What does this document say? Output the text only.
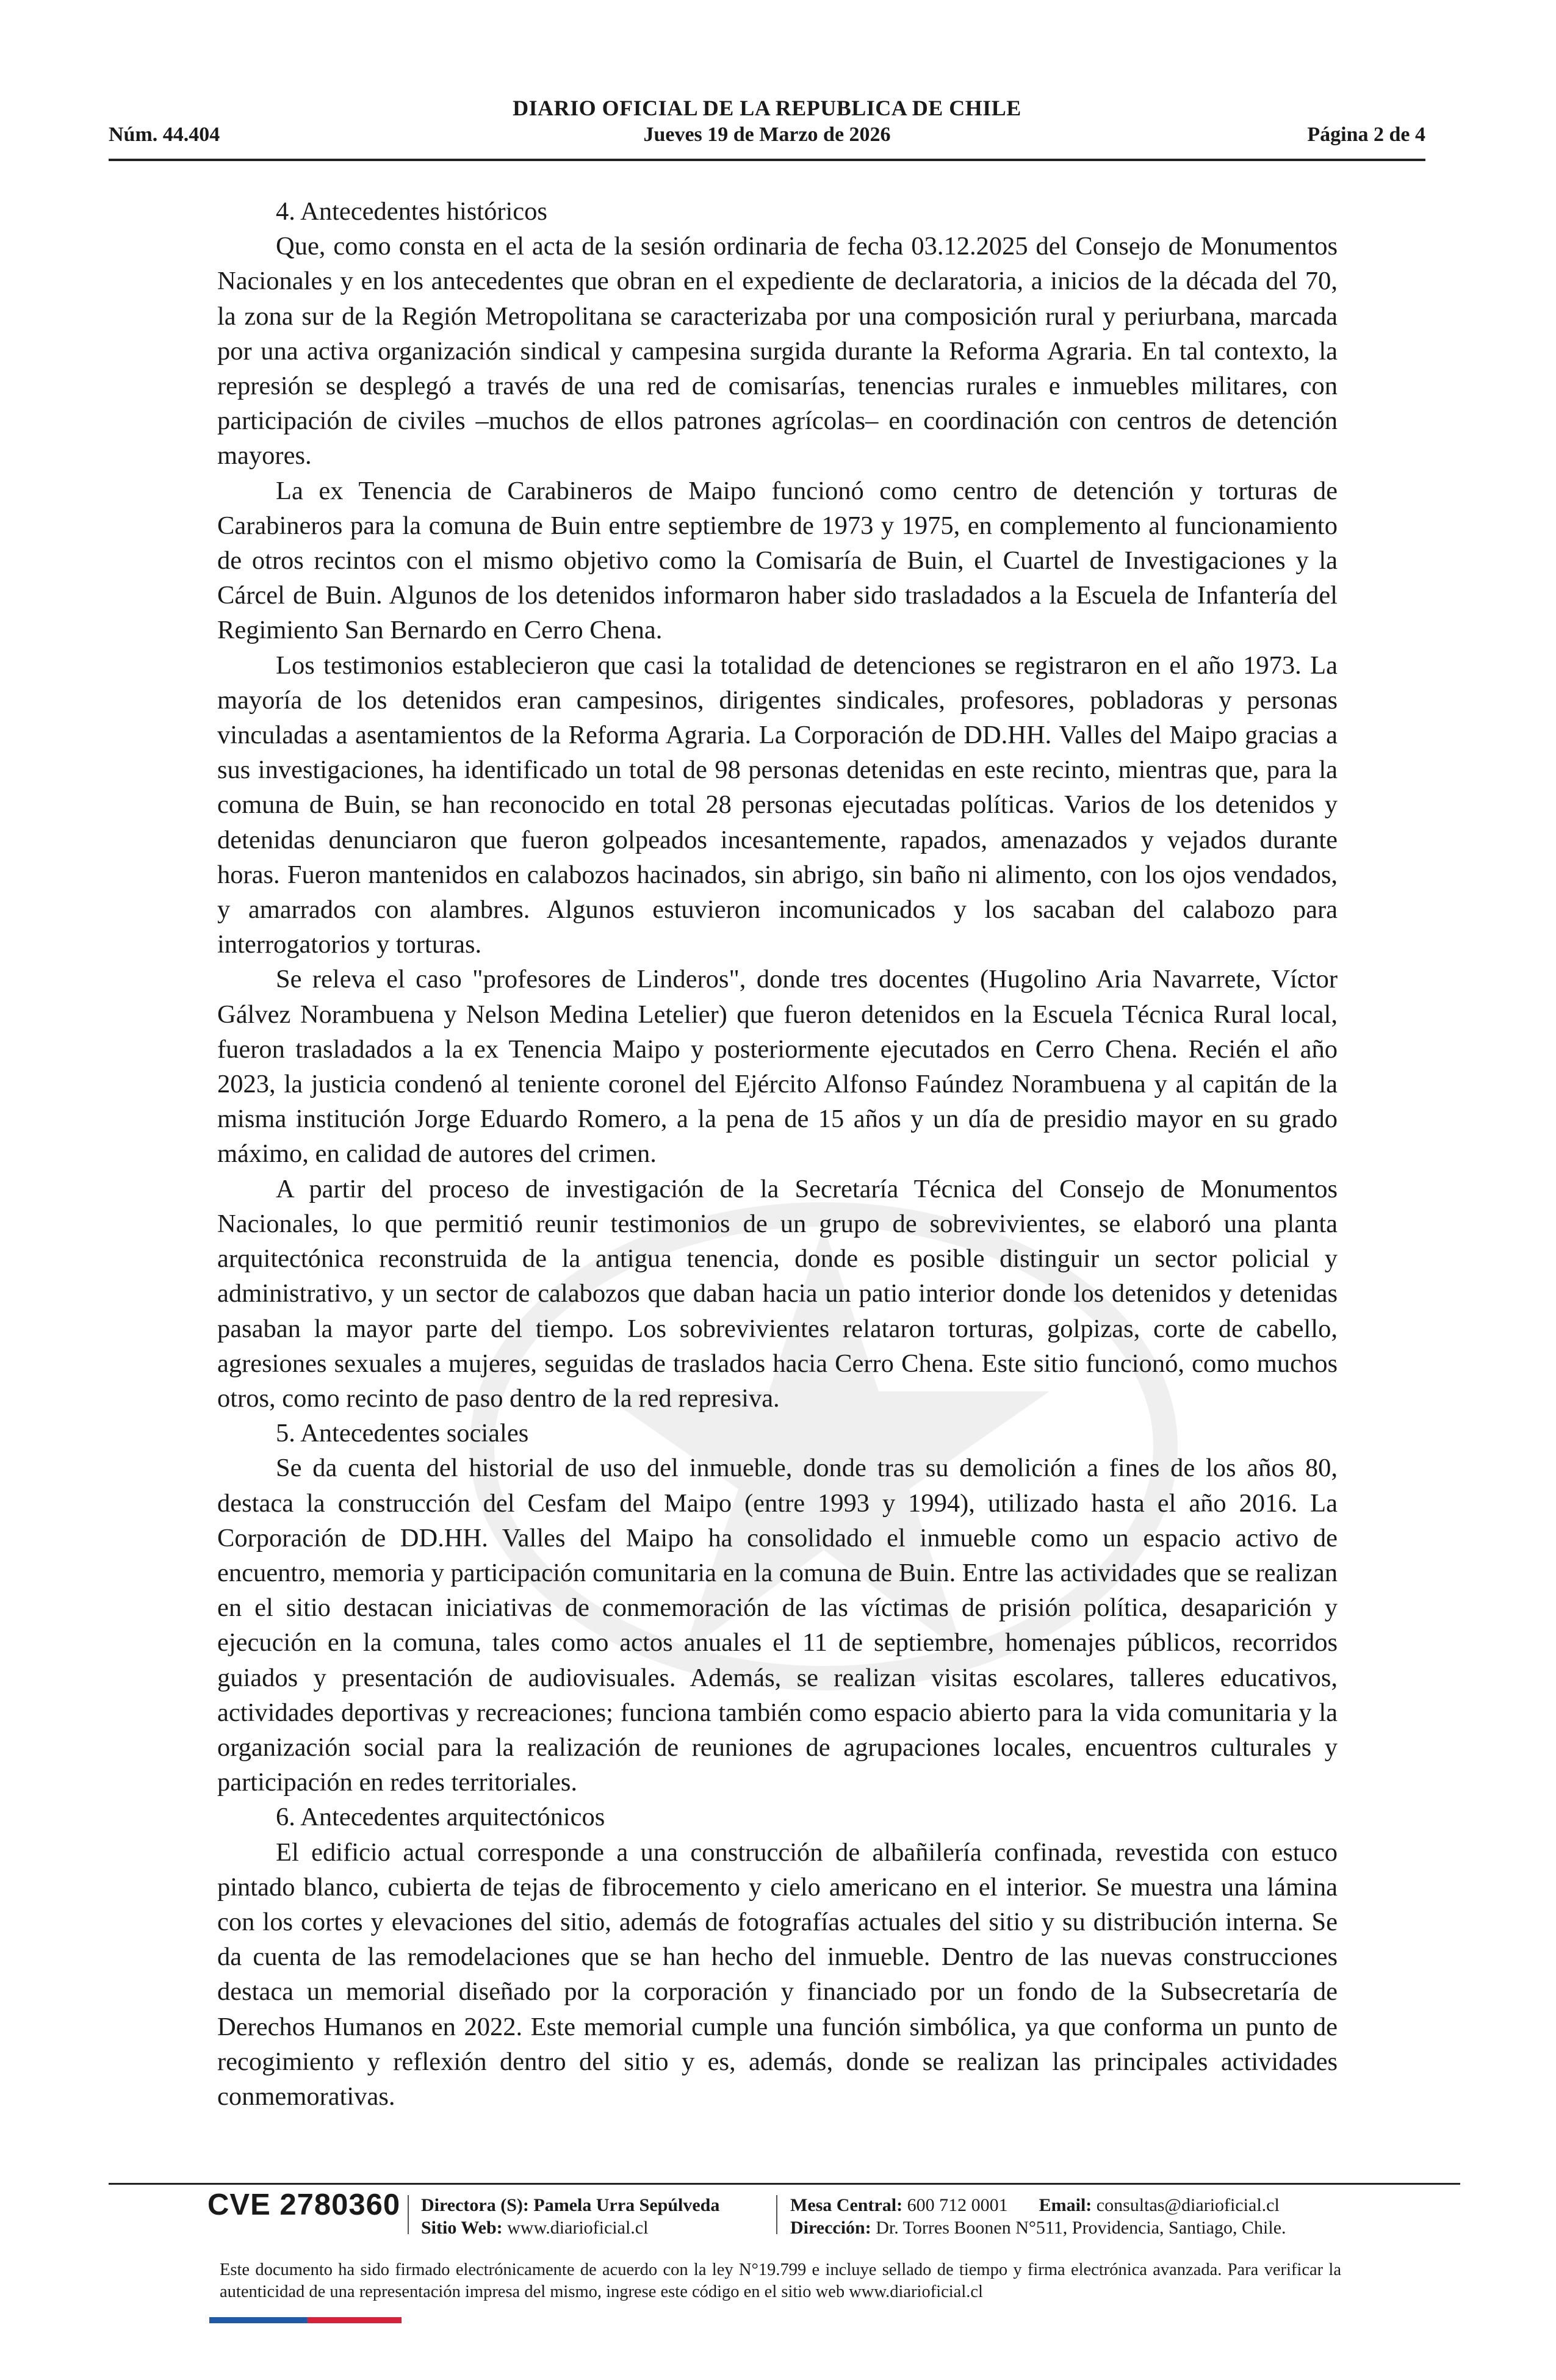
DIARIO OFICIAL DE LA REPUBLICA DE CHILE
Núm. 44.404	Jueves 19 de Marzo de 2026	Página 2 de 4

4. Antecedentes históricos

Que, como consta en el acta de la sesión ordinaria de fecha 03.12.2025 del Consejo de Monumentos Nacionales y en los antecedentes que obran en el expediente de declaratoria, a inicios de la década del 70, la zona sur de la Región Metropolitana se caracterizaba por una composición rural y periurbana, marcada por una activa organización sindical y campesina surgida durante la Reforma Agraria. En tal contexto, la represión se desplegó a través de una red de comisarías, tenencias rurales e inmuebles militares, con participación de civiles –muchos de ellos patrones agrícolas– en coordinación con centros de detención mayores.

La ex Tenencia de Carabineros de Maipo funcionó como centro de detención y torturas de Carabineros para la comuna de Buin entre septiembre de 1973 y 1975, en complemento al funcionamiento de otros recintos con el mismo objetivo como la Comisaría de Buin, el Cuartel de Investigaciones y la Cárcel de Buin. Algunos de los detenidos informaron haber sido trasladados a la Escuela de Infantería del Regimiento San Bernardo en Cerro Chena.

Los testimonios establecieron que casi la totalidad de detenciones se registraron en el año 1973. La mayoría de los detenidos eran campesinos, dirigentes sindicales, profesores, pobladoras y personas vinculadas a asentamientos de la Reforma Agraria. La Corporación de DD.HH. Valles del Maipo gracias a sus investigaciones, ha identificado un total de 98 personas detenidas en este recinto, mientras que, para la comuna de Buin, se han reconocido en total 28 personas ejecutadas políticas. Varios de los detenidos y detenidas denunciaron que fueron golpeados incesantemente, rapados, amenazados y vejados durante horas. Fueron mantenidos en calabozos hacinados, sin abrigo, sin baño ni alimento, con los ojos vendados, y amarrados con alambres. Algunos estuvieron incomunicados y los sacaban del calabozo para interrogatorios y torturas.

Se releva el caso "profesores de Linderos", donde tres docentes (Hugolino Aria Navarrete, Víctor Gálvez Norambuena y Nelson Medina Letelier) que fueron detenidos en la Escuela Técnica Rural local, fueron trasladados a la ex Tenencia Maipo y posteriormente ejecutados en Cerro Chena. Recién el año 2023, la justicia condenó al teniente coronel del Ejército Alfonso Faúndez Norambuena y al capitán de la misma institución Jorge Eduardo Romero, a la pena de 15 años y un día de presidio mayor en su grado máximo, en calidad de autores del crimen.

A partir del proceso de investigación de la Secretaría Técnica del Consejo de Monumentos Nacionales, lo que permitió reunir testimonios de un grupo de sobrevivientes, se elaboró una planta arquitectónica reconstruida de la antigua tenencia, donde es posible distinguir un sector policial y administrativo, y un sector de calabozos que daban hacia un patio interior donde los detenidos y detenidas pasaban la mayor parte del tiempo. Los sobrevivientes relataron torturas, golpizas, corte de cabello, agresiones sexuales a mujeres, seguidas de traslados hacia Cerro Chena. Este sitio funcionó, como muchos otros, como recinto de paso dentro de la red represiva.

5. Antecedentes sociales

Se da cuenta del historial de uso del inmueble, donde tras su demolición a fines de los años 80, destaca la construcción del Cesfam del Maipo (entre 1993 y 1994), utilizado hasta el año 2016. La Corporación de DD.HH. Valles del Maipo ha consolidado el inmueble como un espacio activo de encuentro, memoria y participación comunitaria en la comuna de Buin. Entre las actividades que se realizan en el sitio destacan iniciativas de conmemoración de las víctimas de prisión política, desaparición y ejecución en la comuna, tales como actos anuales el 11 de septiembre, homenajes públicos, recorridos guiados y presentación de audiovisuales. Además, se realizan visitas escolares, talleres educativos, actividades deportivas y recreaciones; funciona también como espacio abierto para la vida comunitaria y la organización social para la realización de reuniones de agrupaciones locales, encuentros culturales y participación en redes territoriales.

6. Antecedentes arquitectónicos

El edificio actual corresponde a una construcción de albañilería confinada, revestida con estuco pintado blanco, cubierta de tejas de fibrocemento y cielo americano en el interior. Se muestra una lámina con los cortes y elevaciones del sitio, además de fotografías actuales del sitio y su distribución interna. Se da cuenta de las remodelaciones que se han hecho del inmueble. Dentro de las nuevas construcciones destaca un memorial diseñado por la corporación y financiado por un fondo de la Subsecretaría de Derechos Humanos en 2022. Este memorial cumple una función simbólica, ya que conforma un punto de recogimiento y reflexión dentro del sitio y es, además, donde se realizan las principales actividades conmemorativas.

CVE 2780360 Directora (S): Pamela Urra Sepúlveda
Sitio Web: www.diarioficial.cl
Mesa Central: 600 712 0001 Email: consultas@diarioficial.cl
Dirección: Dr. Torres Boonen N°511, Providencia, Santiago, Chile.
Este documento ha sido firmado electrónicamente de acuerdo con la ley N°19.799 e incluye sellado de tiempo y firma electrónica avanzada. Para verificar la autenticidad de una representación impresa del mismo, ingrese este código en el sitio web www.diarioficial.cl
